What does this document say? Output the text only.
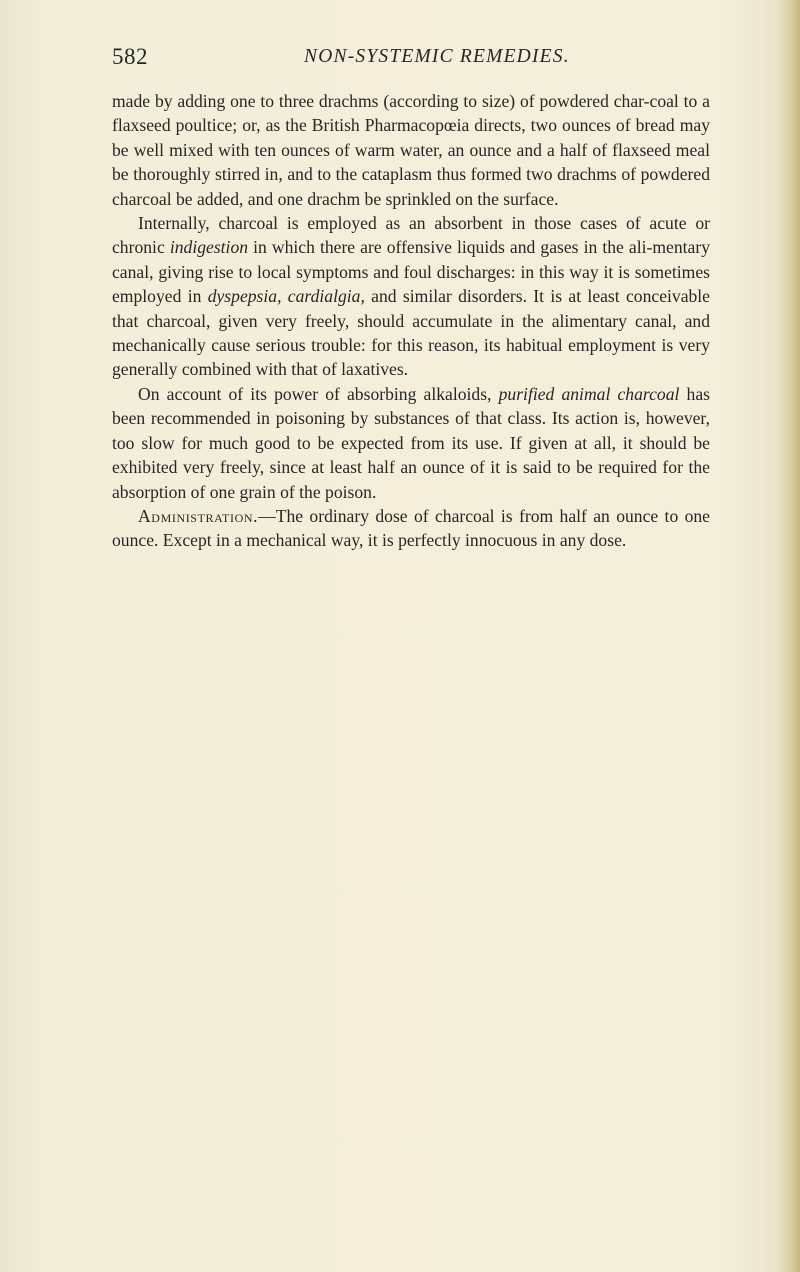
582	NON-SYSTEMIC REMEDIES.

made by adding one to three drachms (according to size) of powdered char-coal to a flaxseed poultice; or, as the British Pharmacopœia directs, two ounces of bread may be well mixed with ten ounces of warm water, an ounce and a half of flaxseed meal be thoroughly stirred in, and to the cataplasm thus formed two drachms of powdered charcoal be added, and one drachm be sprinkled on the surface.

Internally, charcoal is employed as an absorbent in those cases of acute or chronic indigestion in which there are offensive liquids and gases in the ali-mentary canal, giving rise to local symptoms and foul discharges: in this way it is sometimes employed in dyspepsia, cardialgia, and similar disorders. It is at least conceivable that charcoal, given very freely, should accumulate in the alimentary canal, and mechanically cause serious trouble: for this reason, its habitual employment is very generally combined with that of laxatives.

On account of its power of absorbing alkaloids, purified animal charcoal has been recommended in poisoning by substances of that class. Its action is, however, too slow for much good to be expected from its use. If given at all, it should be exhibited very freely, since at least half an ounce of it is said to be required for the absorption of one grain of the poison.

Administration.—The ordinary dose of charcoal is from half an ounce to one ounce. Except in a mechanical way, it is perfectly innocuous in any dose.
